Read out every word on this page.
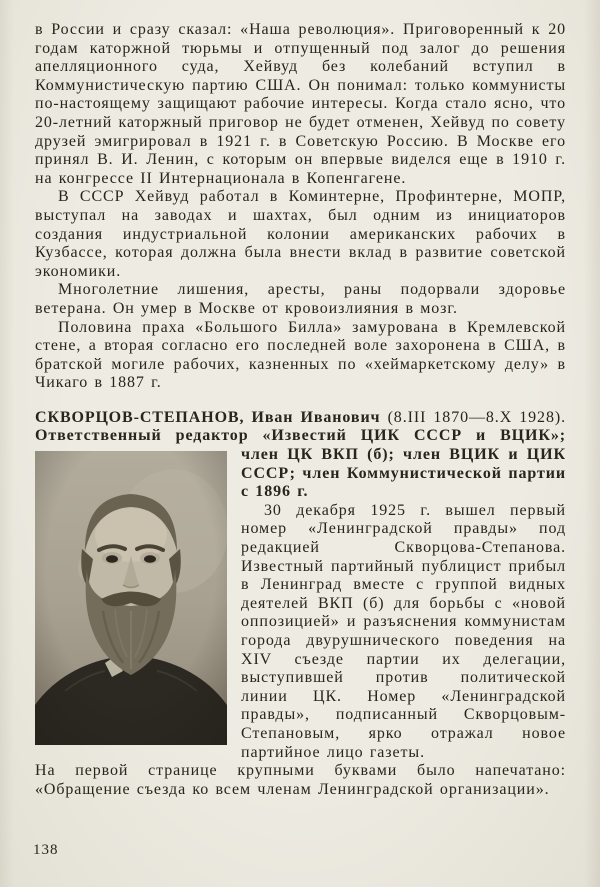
в России и сразу сказал: «Наша революция». Приговоренный к 20 годам каторжной тюрьмы и отпущенный под залог до решения апелляционного суда, Хейвуд без колебаний вступил в Коммунистическую партию США. Он понимал: только коммунисты по-настоящему защищают рабочие интересы. Когда стало ясно, что 20-летний каторжный приговор не будет отменен, Хейвуд по совету друзей эмигрировал в 1921 г. в Советскую Россию. В Москве его принял В. И. Ленин, с которым он впервые виделся еще в 1910 г. на конгрессе II Интернационала в Копенгагене.

В СССР Хейвуд работал в Коминтерне, Профинтерне, МОПР, выступал на заводах и шахтах, был одним из инициаторов создания индустриальной колонии американских рабочих в Кузбассе, которая должна была внести вклад в развитие советской экономики.

Многолетние лишения, аресты, раны подорвали здоровье ветерана. Он умер в Москве от кровоизлияния в мозг.

Половина праха «Большого Билла» замурована в Кремлевской стене, а вторая согласно его последней воле захоронена в США, в братской могиле рабочих, казненных по «хеймаркетскому делу» в Чикаго в 1887 г.

СКВОРЦОВ-СТЕПАНОВ, Иван Иванович (8.III 1870—8.X 1928). Ответственный редактор «Известий ЦИК СССР и ВЦИК»;

член ЦК ВКП (б); член ВЦИК и ЦИК СССР; член Коммунистической партии с 1896 г.

30 декабря 1925 г. вышел первый номер «Ленинградской правды» под редакцией Скворцова-Степанова. Известный партийный публицист прибыл в Ленинград вместе с группой видных деятелей ВКП (б) для борьбы с «новой оппозицией» и разъяснения коммунистам города двурушнического поведения на XIV съезде партии их делегации, выступившей против политической линии ЦК. Номер «Ленинградской правды», подписанный Скворцовым-Степановым, ярко отражал новое партийное лицо газеты.

На первой странице крупными буквами было напечатано: «Обращение съезда ко всем членам Ленинградской организации».

138
